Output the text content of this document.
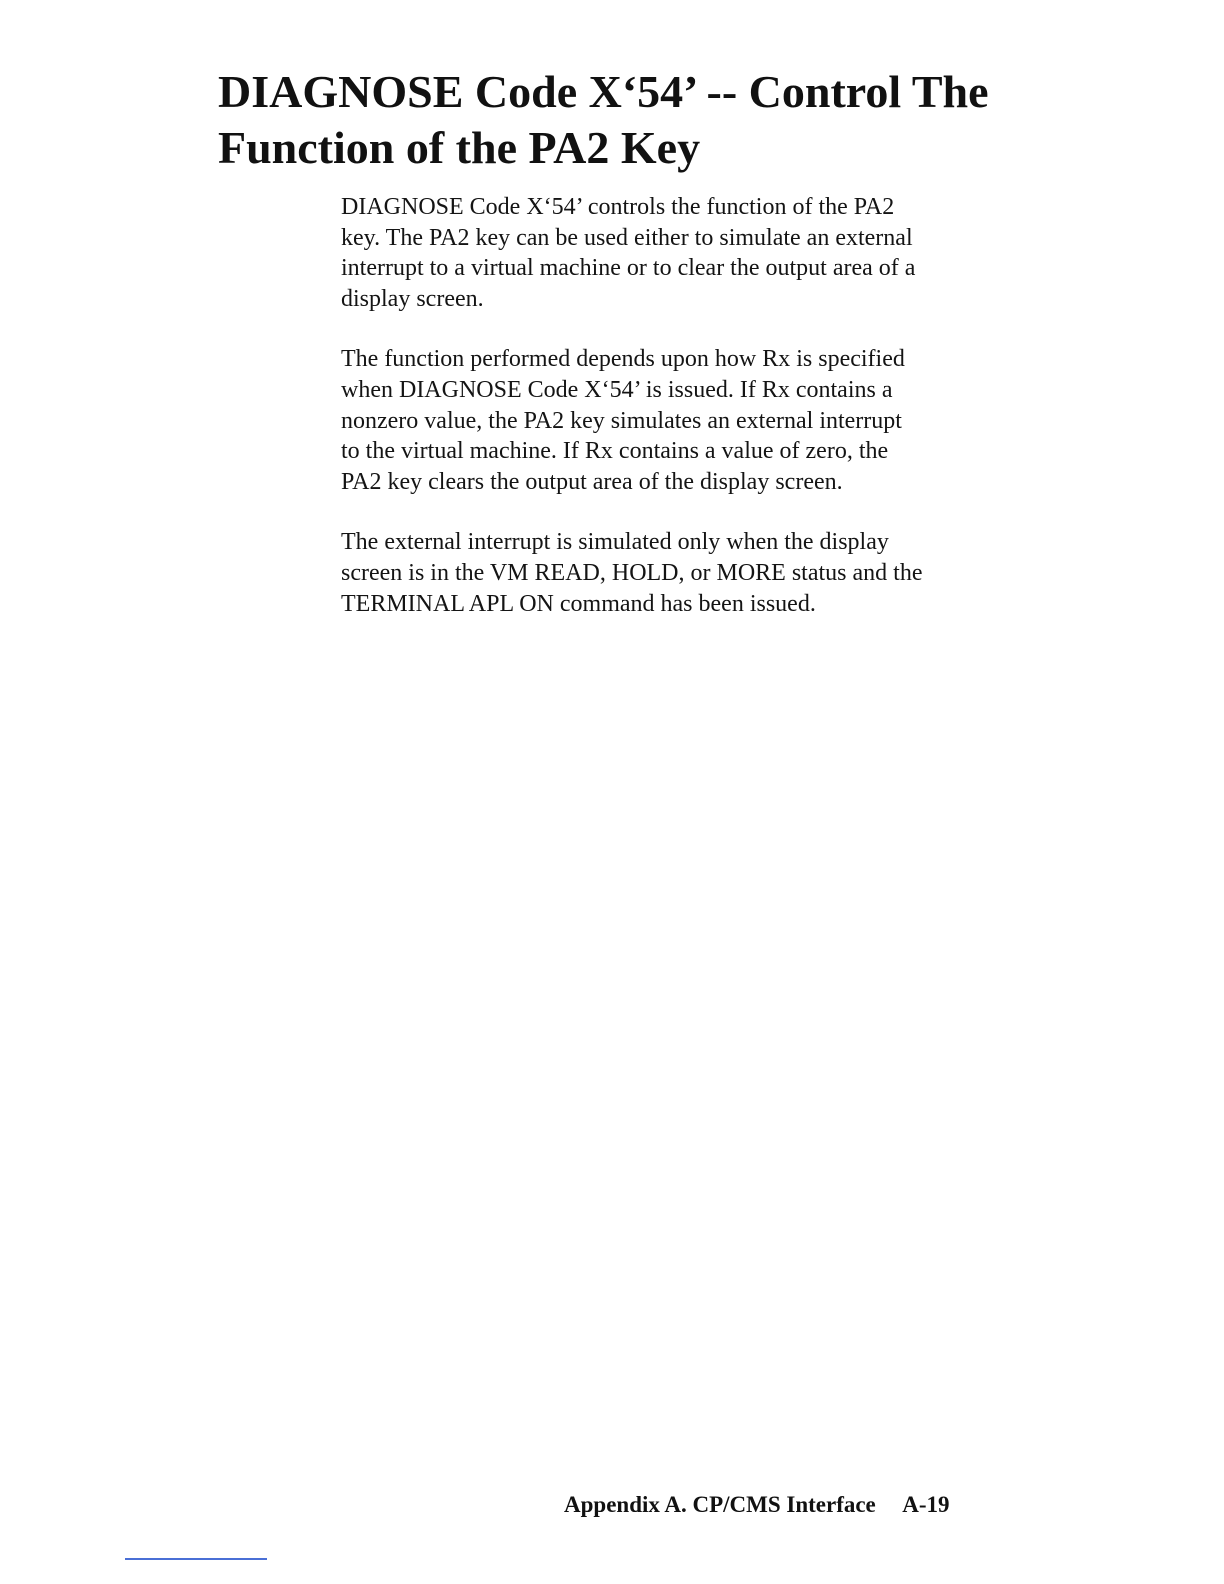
DIAGNOSE Code X‘54’ -- Control The
Function of the PA2 Key

DIAGNOSE Code X‘54’ controls the function of the PA2
key. The PA2 key can be used either to simulate an external
interrupt to a virtual machine or to clear the output area of a
display screen.

The function performed depends upon how Rx is specified
when DIAGNOSE Code X‘54’ is issued. If Rx contains a
nonzero value, the PA2 key simulates an external interrupt
to the virtual machine. If Rx contains a value of zero, the
PA2 key clears the output area of the display screen.

The external interrupt is simulated only when the display
screen is in the VM READ, HOLD, or MORE status and the
TERMINAL APL ON command has been issued.

Appendix A. CP/CMS Interface A-19
